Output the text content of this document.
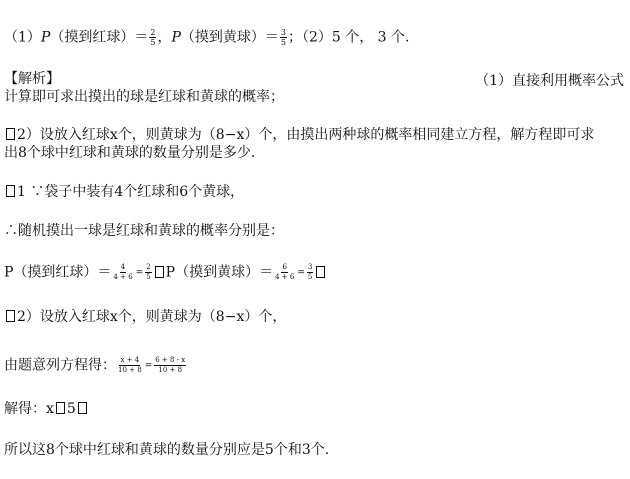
（1）P（摸到红球）＝ $\frac{2}{5}$ ，P（摸到黄球）＝ $\frac{3}{5}$ ；（2）5 个， 3 个.
【解析】	（1）直接利用概率公式
计算即可求出摸出的球是红球和黄球的概率；
2）设放入红球x个，则黄球为（8−x）个，由摸出两种球的概率相同建立方程，解方程即可求
出8个球中红球和黄球的数量分别是多少.
1 ∵袋子中装有4个红球和6个黄球，
∴随机摸出一球是红球和黄球的概率分别是：
P（摸到红球）＝ $\frac{4}{4 + 6} = \frac{2}{5} P$（摸到黄球）＝ $\frac{6}{4 + 6} = \frac{3}{5}$
2）设放入红球x个，则黄球为（8−x）个，
由题意列方程得： $\frac{x + 4}{10 + 8} = \frac{6 + 8 - x}{10 + 8}$
解得：x 5
所以这8个球中红球和黄球的数量分别应是5个和3个.
